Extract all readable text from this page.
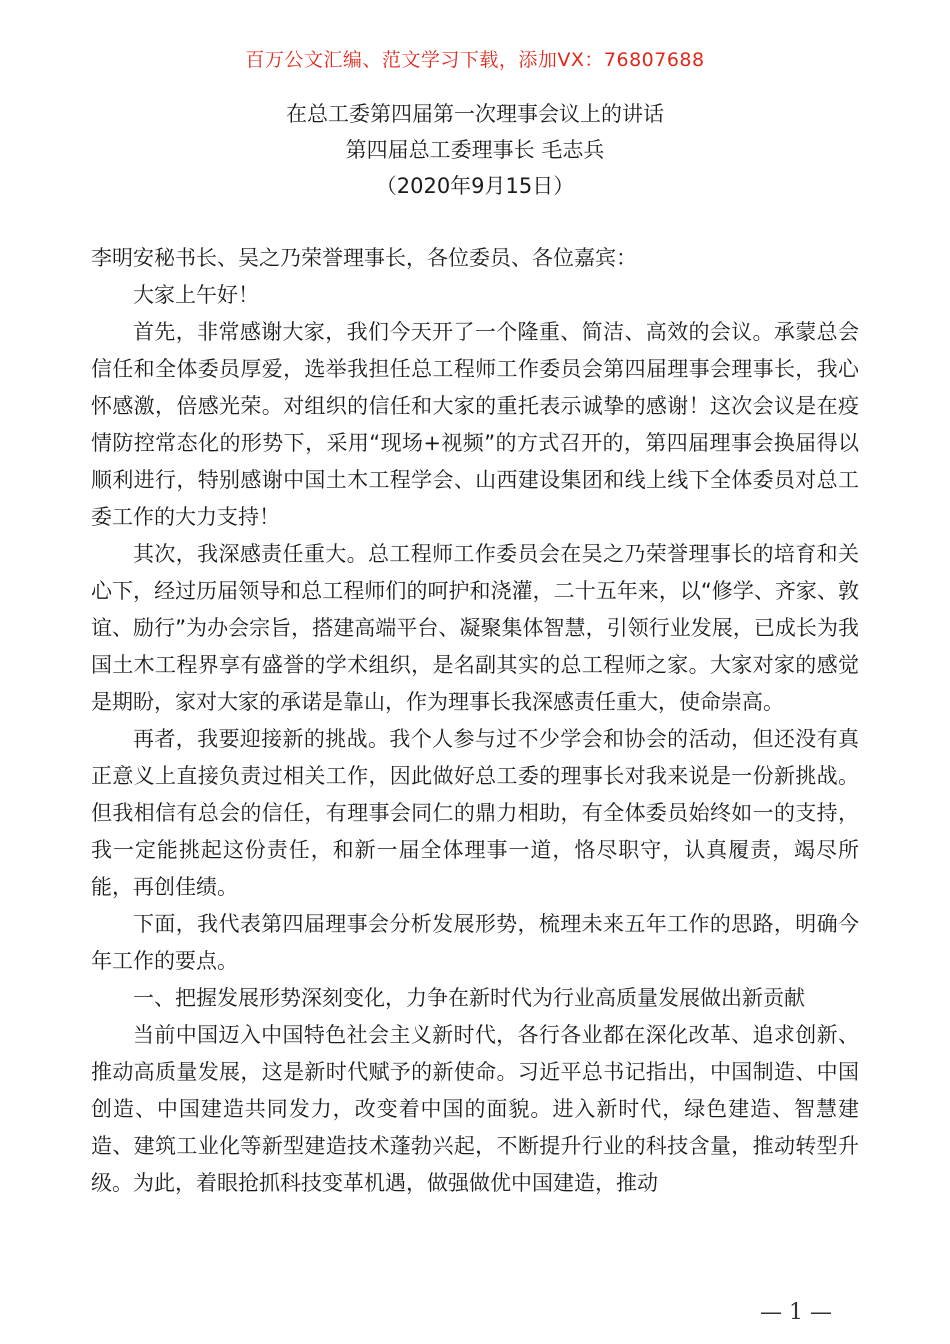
百万公文汇编、范文学习下载，添加VX：76807688
在总工委第四届第一次理事会议上的讲话
第四届总工委理事长 毛志兵
（2020年9月15日）

李明安秘书长、吴之乃荣誉理事长，各位委员、各位嘉宾：

大家上午好！

首先，非常感谢大家，我们今天开了一个隆重、简洁、高效的会议。承蒙总会信任和全体委员厚爱，选举我担任总工程师工作委员会第四届理事会理事长，我心怀感激，倍感光荣。对组织的信任和大家的重托表示诚挚的感谢！这次会议是在疫情防控常态化的形势下，采用“现场+视频”的方式召开的，第四届理事会换届得以顺利进行，特别感谢中国土木工程学会、山西建设集团和线上线下全体委员对总工委工作的大力支持！

其次，我深感责任重大。总工程师工作委员会在吴之乃荣誉理事长的培育和关心下，经过历届领导和总工程师们的呵护和浇灌，二十五年来，以“修学、齐家、敦谊、励行”为办会宗旨，搭建高端平台、凝聚集体智慧，引领行业发展，已成长为我国土木工程界享有盛誉的学术组织，是名副其实的总工程师之家。大家对家的感觉是期盼，家对大家的承诺是靠山，作为理事长我深感责任重大，使命崇高。

再者，我要迎接新的挑战。我个人参与过不少学会和协会的活动，但还没有真正意义上直接负责过相关工作，因此做好总工委的理事长对我来说是一份新挑战。但我相信有总会的信任，有理事会同仁的鼎力相助，有全体委员始终如一的支持，我一定能挑起这份责任，和新一届全体理事一道，恪尽职守，认真履责，竭尽所能，再创佳绩。

下面，我代表第四届理事会分析发展形势，梳理未来五年工作的思路，明确今年工作的要点。

一、把握发展形势深刻变化，力争在新时代为行业高质量发展做出新贡献

当前中国迈入中国特色社会主义新时代，各行各业都在深化改革、追求创新、推动高质量发展，这是新时代赋予的新使命。习近平总书记指出，中国制造、中国创造、中国建造共同发力，改变着中国的面貌。进入新时代，绿色建造、智慧建造、建筑工业化等新型建造技术蓬勃兴起，不断提升行业的科技含量，推动转型升级。为此，着眼抢抓科技变革机遇，做强做优中国建造，推动

— 1 —
